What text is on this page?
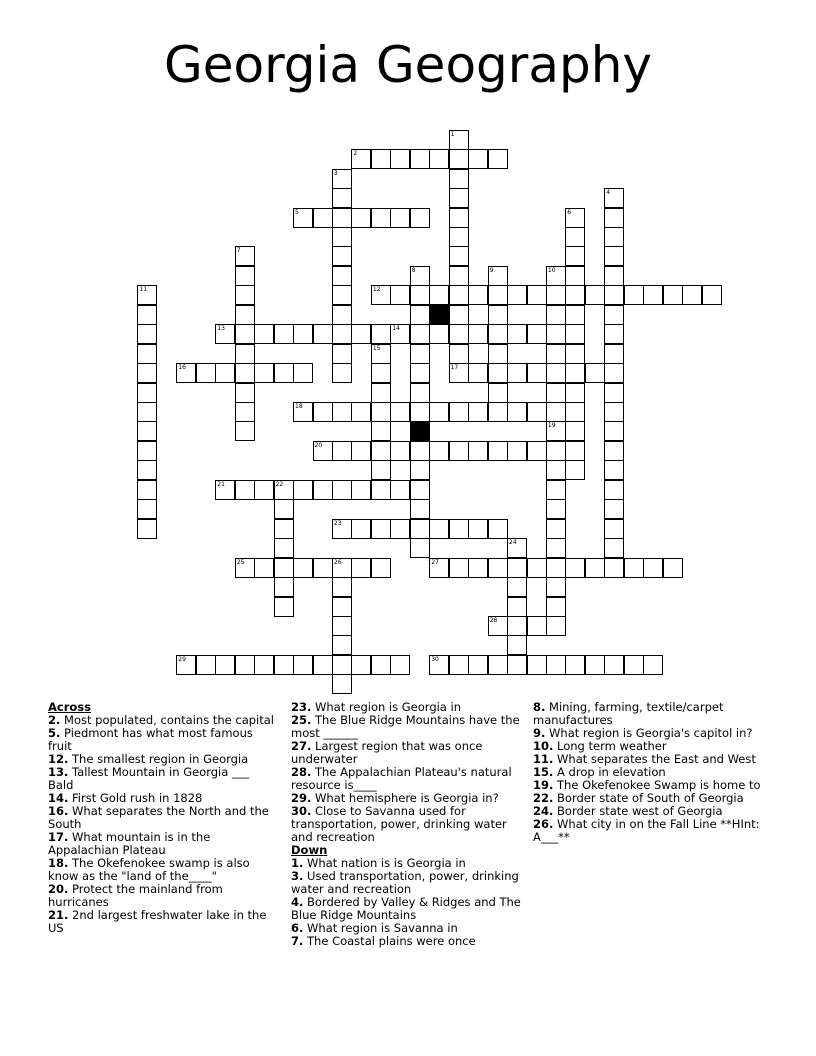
Georgia Geography
1
2
3
4
5	6
7
8	9	10
11	12
13	14
15
16	17
18
19
20
21	22
23
24
25	26	27
28
29	30
Across
2. Most populated, contains the capital
5. Piedmont has what most famous fruit
12. The smallest region in Georgia
13. Tallest Mountain in Georgia ___ Bald
14. First Gold rush in 1828
16. What separates the North and the South
17. What mountain is in the Appalachian Plateau
18. The Okefenokee swamp is also know as the "land of the____"
20. Protect the mainland from hurricanes
21. 2nd largest freshwater lake in the US
23. What region is Georgia in
25. The Blue Ridge Mountains have the most ______
27. Largest region that was once underwater
28. The Appalachian Plateau's natural resource is____
29. What hemisphere is Georgia in?
30. Close to Savanna used for transportation, power, drinking water and recreation
Down
1. What nation is is Georgia in
3. Used transportation, power, drinking water and recreation
4. Bordered by Valley & Ridges and The Blue Ridge Mountains
6. What region is Savanna in
7. The Coastal plains were once
8. Mining, farming, textile/carpet manufactures
9. What region is Georgia's capitol in?
10. Long term weather
11. What separates the East and West
15. A drop in elevation
19. The Okefenokee Swamp is home to
22. Border state of South of Georgia
24. Border state west of Georgia
26. What city in on the Fall Line **HInt: A___**
